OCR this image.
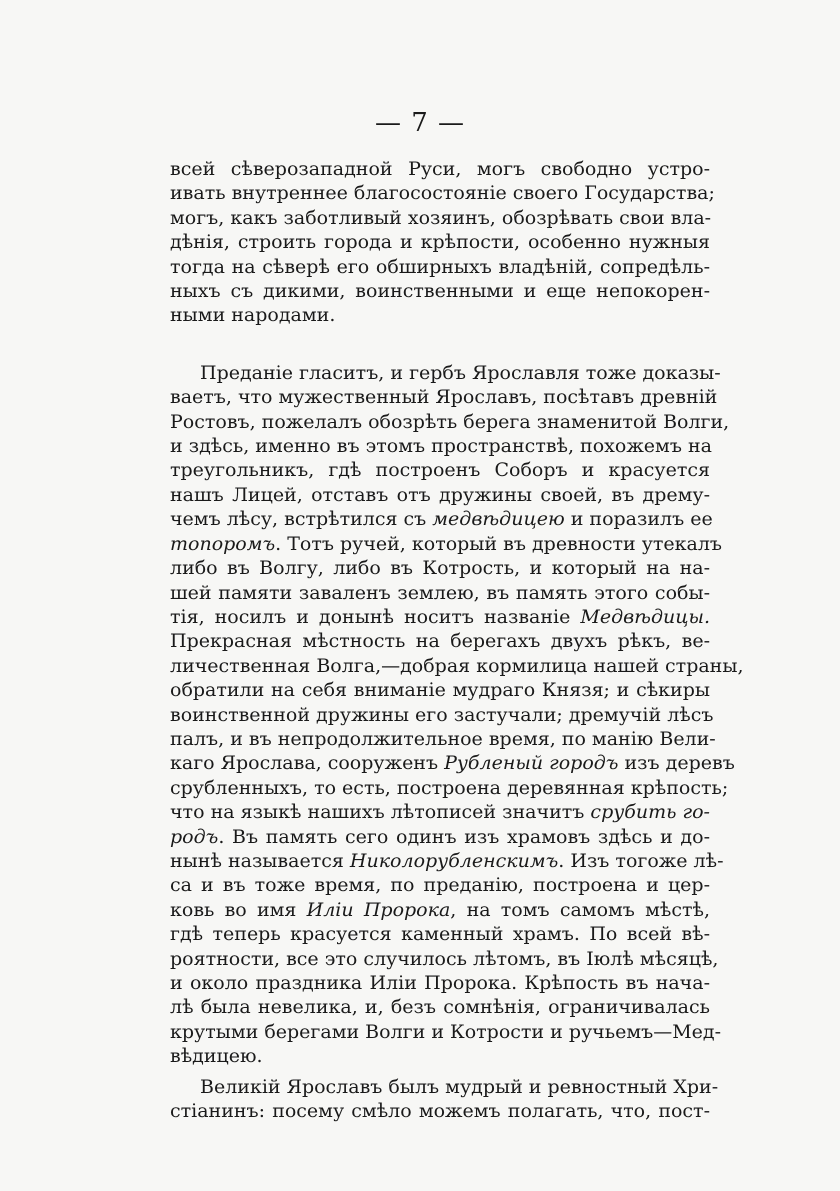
— 7 —
всей сѣверозападной Руси, могъ свободно устро-
ивать внутреннее благосостояніе своего Государства;
могъ, какъ заботливый хозяинъ, обозрѣвать свои вла-
дѣнія, строить города и крѣпости, особенно нужныя
тогда на сѣверѣ его обширныхъ владѣній, сопредѣль-
ныхъ съ дикими, воинственными и еще непокорен-
ными народами.
Преданіе гласитъ, и гербъ Ярославля тоже доказы-
ваетъ, что мужественный Ярославъ, посѣтавъ древній
Ростовъ, пожелалъ обозрѣть берега знаменитой Волги,
и здѣсь, именно въ этомъ пространствѣ, похожемъ на
треугольникъ, гдѣ построенъ Соборъ и красуется
нашъ Лицей, отставъ отъ дружины своей, въ дрему-
чемъ лѣсу, встрѣтился съ медвѣдицею и поразилъ ее
топоромъ. Тотъ ручей, который въ древности утекалъ
либо въ Волгу, либо въ Котрость, и который на на-
шей памяти заваленъ землею, въ память этого собы-
тія, носилъ и донынѣ носитъ названіе Медвѣдицы.
Прекрасная мѣстность на берегахъ двухъ рѣкъ, ве-
личественная Волга,—добрая кормилица нашей страны,
обратили на себя вниманіе мудраго Князя; и сѣкиры
воинственной дружины его застучали; дремучій лѣсъ
палъ, и въ непродолжительное время, по манію Вели-
каго Ярослава, сооруженъ Рубленый городъ изъ деревъ
срубленныхъ, то есть, построена деревянная крѣпость;
что на языкѣ нашихъ лѣтописей значитъ срубить го-
родъ. Въ память сего одинъ изъ храмовъ здѣсь и до-
нынѣ называется Николорубленскимъ. Изъ тогоже лѣ-
са и въ тоже время, по преданію, построена и цер-
ковь во имя Иліи Пророка, на томъ самомъ мѣстѣ,
гдѣ теперь красуется каменный храмъ. По всей вѣ-
роятности, все это случилось лѣтомъ, въ Іюлѣ мѣсяцѣ,
и около праздника Иліи Пророка. Крѣпость въ нача-
лѣ была невелика, и, безъ сомнѣнія, ограничивалась
крутыми берегами Волги и Котрости и ручьемъ—Мед-
вѣдицею.
Великій Ярославъ былъ мудрый и ревностный Хри-
стіанинъ: посему смѣло можемъ полагать, что, пост-
